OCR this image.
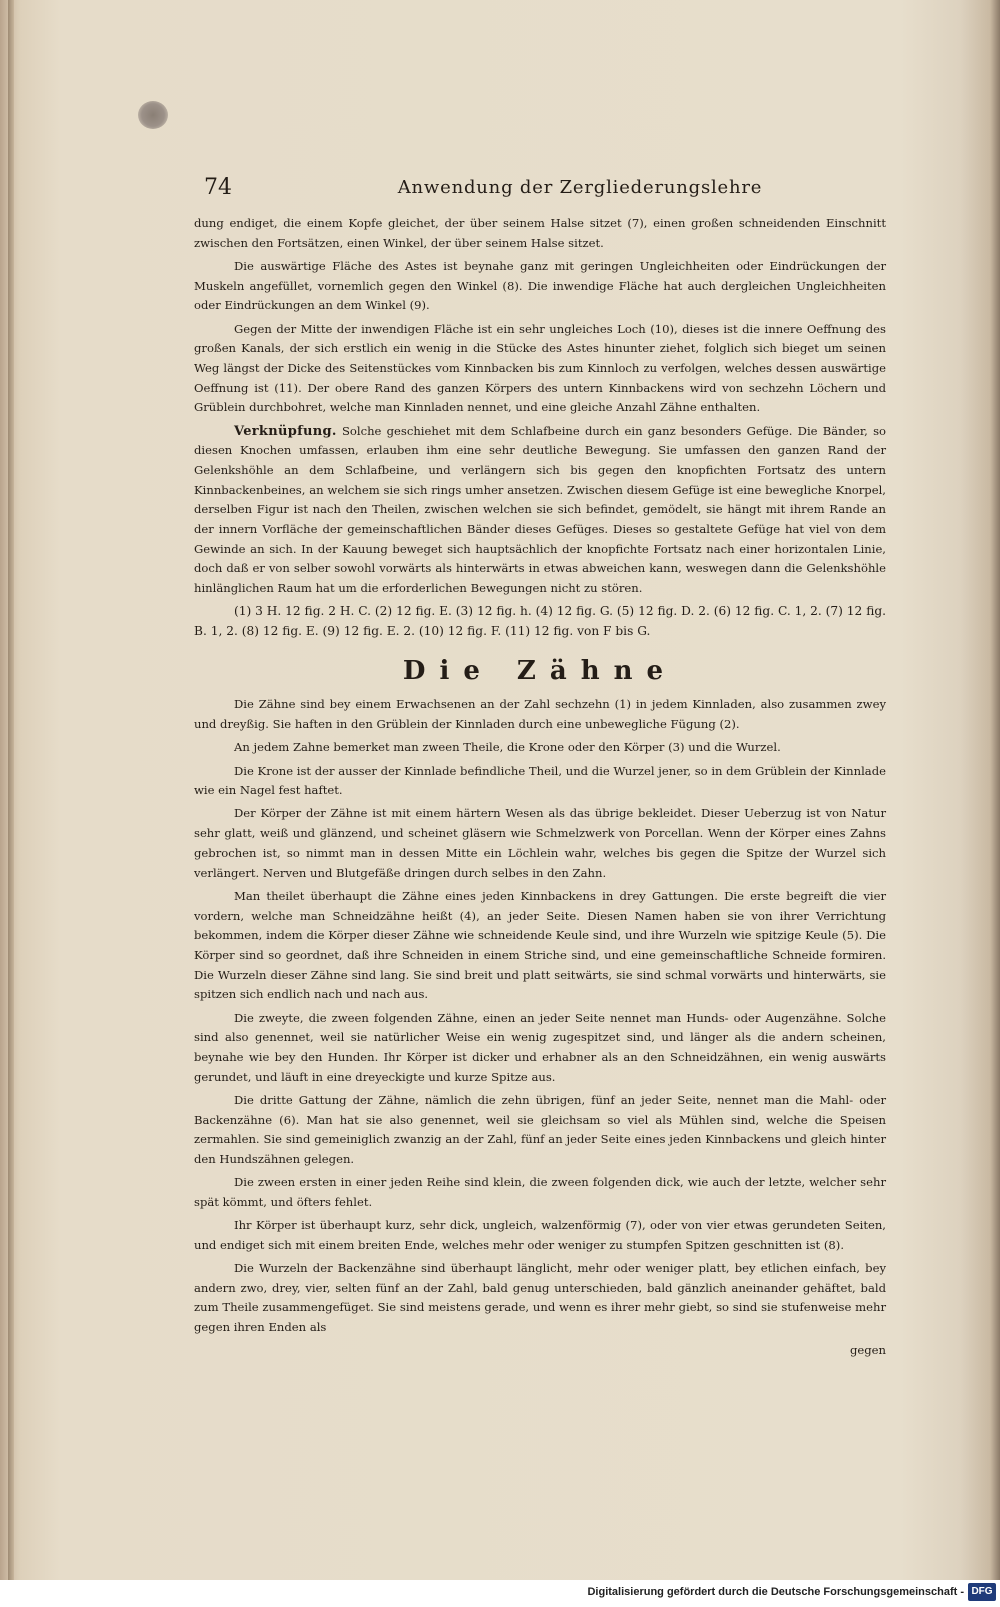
74	Anwendung der Zergliederungslehre

dung endiget, die einem Kopfe gleichet, der über seinem Halse sitzet (7), einen großen schneidenden Einschnitt zwischen den Fortsätzen, einen Winkel, der über seinem Halse sitzet.

Die auswärtige Fläche des Astes ist beynahe ganz mit geringen Ungleichheiten oder Eindrückungen der Muskeln angefüllet, vornemlich gegen den Winkel (8). Die inwendige Fläche hat auch dergleichen Ungleichheiten oder Eindrückungen an dem Winkel (9).

Gegen der Mitte der inwendigen Fläche ist ein sehr ungleiches Loch (10), dieses ist die innere Oeffnung des großen Kanals, der sich erstlich ein wenig in die Stücke des Astes hinunter ziehet, folglich sich bieget um seinen Weg längst der Dicke des Seitenstückes vom Kinnbacken bis zum Kinnloch zu verfolgen, welches dessen auswärtige Oeffnung ist (11). Der obere Rand des ganzen Körpers des untern Kinnbackens wird von sechzehn Löchern und Grüblein durchbohret, welche man Kinnladen nennet, und eine gleiche Anzahl Zähne enthalten.

Verknüpfung. Solche geschiehet mit dem Schlafbeine durch ein ganz besonders Gefüge. Die Bänder, so diesen Knochen umfassen, erlauben ihm eine sehr deutliche Bewegung. Sie umfassen den ganzen Rand der Gelenkshöhle an dem Schlafbeine, und verlängern sich bis gegen den knopfichten Fortsatz des untern Kinnbackenbeines, an welchem sie sich rings umher ansetzen. Zwischen diesem Gefüge ist eine bewegliche Knorpel, derselben Figur ist nach den Theilen, zwischen welchen sie sich befindet, gemödelt, sie hängt mit ihrem Rande an der innern Vorfläche der gemeinschaftlichen Bänder dieses Gefüges. Dieses so gestaltete Gefüge hat viel von dem Gewinde an sich. In der Kauung beweget sich hauptsächlich der knopfichte Fortsatz nach einer horizontalen Linie, doch daß er von selber sowohl vorwärts als hinterwärts in etwas abweichen kann, weswegen dann die Gelenkshöhle hinlänglichen Raum hat um die erforderlichen Bewegungen nicht zu stören.

(1) 3 H. 12 fig. 2 H. C. (2) 12 fig. E. (3) 12 fig. h. (4) 12 fig. G. (5) 12 fig. D. 2. (6) 12 fig. C. 1, 2. (7) 12 fig. B. 1, 2. (8) 12 fig. E. (9) 12 fig. E. 2. (10) 12 fig. F. (11) 12 fig. von F bis G.

Die Zähne

Die Zähne sind bey einem Erwachsenen an der Zahl sechzehn (1) in jedem Kinnladen, also zusammen zwey und dreyßig. Sie haften in den Grüblein der Kinnladen durch eine unbewegliche Fügung (2).

An jedem Zahne bemerket man zween Theile, die Krone oder den Körper (3) und die Wurzel.

Die Krone ist der ausser der Kinnlade befindliche Theil, und die Wurzel jener, so in dem Grüblein der Kinnlade wie ein Nagel fest haftet.

Der Körper der Zähne ist mit einem härtern Wesen als das übrige bekleidet. Dieser Ueberzug ist von Natur sehr glatt, weiß und glänzend, und scheinet gläsern wie Schmelzwerk von Porcellan. Wenn der Körper eines Zahns gebrochen ist, so nimmt man in dessen Mitte ein Löchlein wahr, welches bis gegen die Spitze der Wurzel sich verlängert. Nerven und Blutgefäße dringen durch selbes in den Zahn.

Man theilet überhaupt die Zähne eines jeden Kinnbackens in drey Gattungen. Die erste begreift die vier vordern, welche man Schneidzähne heißt (4), an jeder Seite. Diesen Namen haben sie von ihrer Verrichtung bekommen, indem die Körper dieser Zähne wie schneidende Keule sind, und ihre Wurzeln wie spitzige Keule (5). Die Körper sind so geordnet, daß ihre Schneiden in einem Striche sind, und eine gemeinschaftliche Schneide formiren. Die Wurzeln dieser Zähne sind lang. Sie sind breit und platt seitwärts, sie sind schmal vorwärts und hinterwärts, sie spitzen sich endlich nach und nach aus.

Die zweyte, die zween folgenden Zähne, einen an jeder Seite nennet man Hunds- oder Augenzähne. Solche sind also genennet, weil sie natürlicher Weise ein wenig zugespitzet sind, und länger als die andern scheinen, beynahe wie bey den Hunden. Ihr Körper ist dicker und erhabner als an den Schneidzähnen, ein wenig auswärts gerundet, und läuft in eine dreyeckigte und kurze Spitze aus.

Die dritte Gattung der Zähne, nämlich die zehn übrigen, fünf an jeder Seite, nennet man die Mahl- oder Backenzähne (6). Man hat sie also genennet, weil sie gleichsam so viel als Mühlen sind, welche die Speisen zermahlen. Sie sind gemeiniglich zwanzig an der Zahl, fünf an jeder Seite eines jeden Kinnbackens und gleich hinter den Hundszähnen gelegen.

Die zween ersten in einer jeden Reihe sind klein, die zween folgenden dick, wie auch der letzte, welcher sehr spät kömmt, und öfters fehlet.

Ihr Körper ist überhaupt kurz, sehr dick, ungleich, walzenförmig (7), oder von vier etwas gerundeten Seiten, und endiget sich mit einem breiten Ende, welches mehr oder weniger zu stumpfen Spitzen geschnitten ist (8).

Die Wurzeln der Backenzähne sind überhaupt länglicht, mehr oder weniger platt, bey etlichen einfach, bey andern zwo, drey, vier, selten fünf an der Zahl, bald genug unterschieden, bald gänzlich aneinander gehäftet, bald zum Theile zusammengefüget. Sie sind meistens gerade, und wenn es ihrer mehr giebt, so sind sie stufenweise mehr gegen ihren Enden als

gegen
Digitalisierung gefördert durch die Deutsche Forschungsgemeinschaft - DFG
